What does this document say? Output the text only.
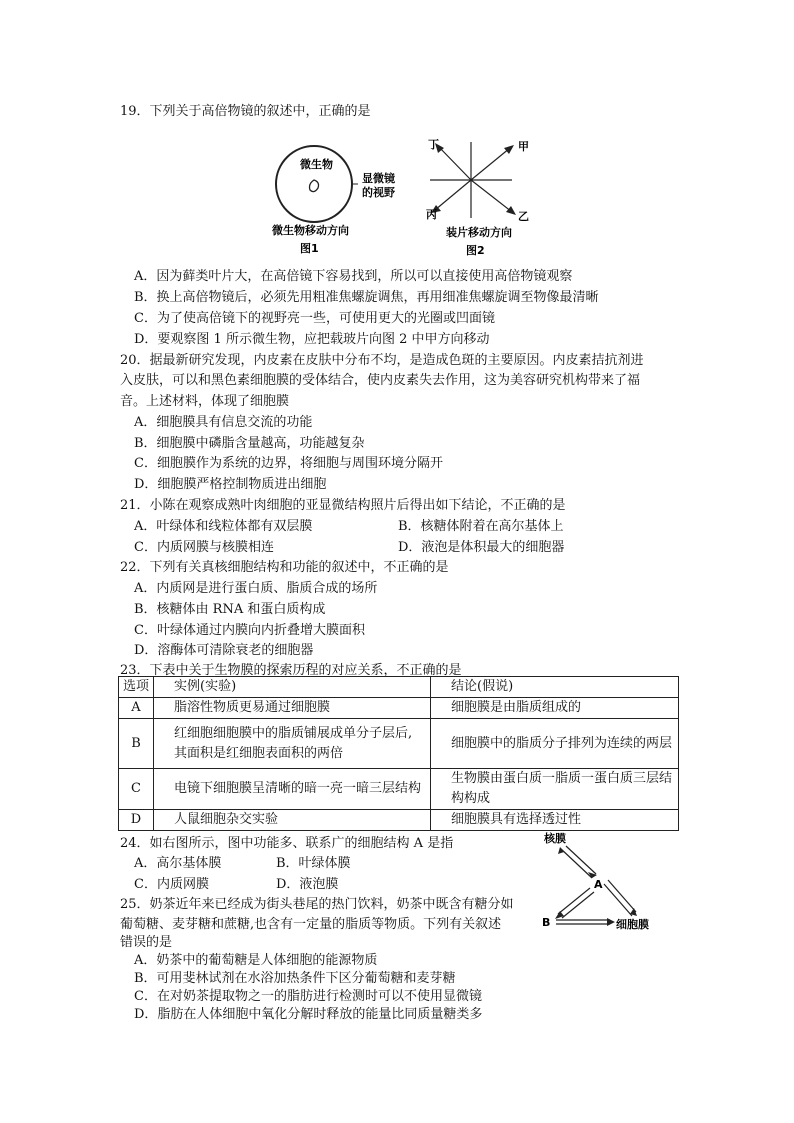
19．下列关于高倍物镜的叙述中，正确的是
微生物
显微镜
的视野
微生物移动方向
图1
丁	甲
丙	乙
装片移动方向
图2
A．因为藓类叶片大，在高倍镜下容易找到，所以可以直接使用高倍物镜观察
B．换上高倍物镜后，必须先用粗准焦螺旋调焦，再用细准焦螺旋调至物像最清晰
C．为了使高倍镜下的视野亮一些，可使用更大的光圈或凹面镜
D．要观察图 1 所示微生物，应把载玻片向图 2 中甲方向移动
20．据最新研究发现，内皮素在皮肤中分布不均，是造成色斑的主要原因。内皮素拮抗剂进
入皮肤，可以和黑色素细胞膜的受体结合，使内皮素失去作用，这为美容研究机构带来了福
音。上述材料，体现了细胞膜
A．细胞膜具有信息交流的功能
B．细胞膜中磷脂含量越高，功能越复杂
C．细胞膜作为系统的边界，将细胞与周围环境分隔开
D．细胞膜严格控制物质进出细胞
21．小陈在观察成熟叶肉细胞的亚显微结构照片后得出如下结论，不正确的是
A．叶绿体和线粒体都有双层膜	B．核糖体附着在高尔基体上
C．内质网膜与核膜相连	D．液泡是体积最大的细胞器
22．下列有关真核细胞结构和功能的叙述中，不正确的是
A．内质网是进行蛋白质、脂质合成的场所
B．核糖体由 RNA 和蛋白质构成
C．叶绿体通过内膜向内折叠增大膜面积
D．溶酶体可清除衰老的细胞器
23．下表中关于生物膜的探索历程的对应关系，不正确的是
选项	实例(实验)	结论(假说)
A	脂溶性物质更易通过细胞膜	细胞膜是由脂质组成的
B	红细胞细胞膜中的脂质铺展成单分子层后,其面积是红细胞表面积的两倍	细胞膜中的脂质分子排列为连续的两层
C	电镜下细胞膜呈清晰的暗一亮一暗三层结构	生物膜由蛋白质一脂质一蛋白质三层结构构成
D	人鼠细胞杂交实验	细胞膜具有选择透过性
24．如右图所示，图中功能多、联系广的细胞结构 A 是指
A．高尔基体膜	B．叶绿体膜
C．内质网膜	D．液泡膜
核膜
A
B	细胞膜
25．奶茶近年来已经成为街头巷尾的热门饮料，奶茶中既含有糖分如
葡萄糖、麦芽糖和蔗糖,也含有一定量的脂质等物质。下列有关叙述
错误的是
A．奶茶中的葡萄糖是人体细胞的能源物质
B．可用斐林试剂在水浴加热条件下区分葡萄糖和麦芽糖
C．在对奶茶提取物之一的脂肪进行检测时可以不使用显微镜
D．脂肪在人体细胞中氧化分解时释放的能量比同质量糖类多
